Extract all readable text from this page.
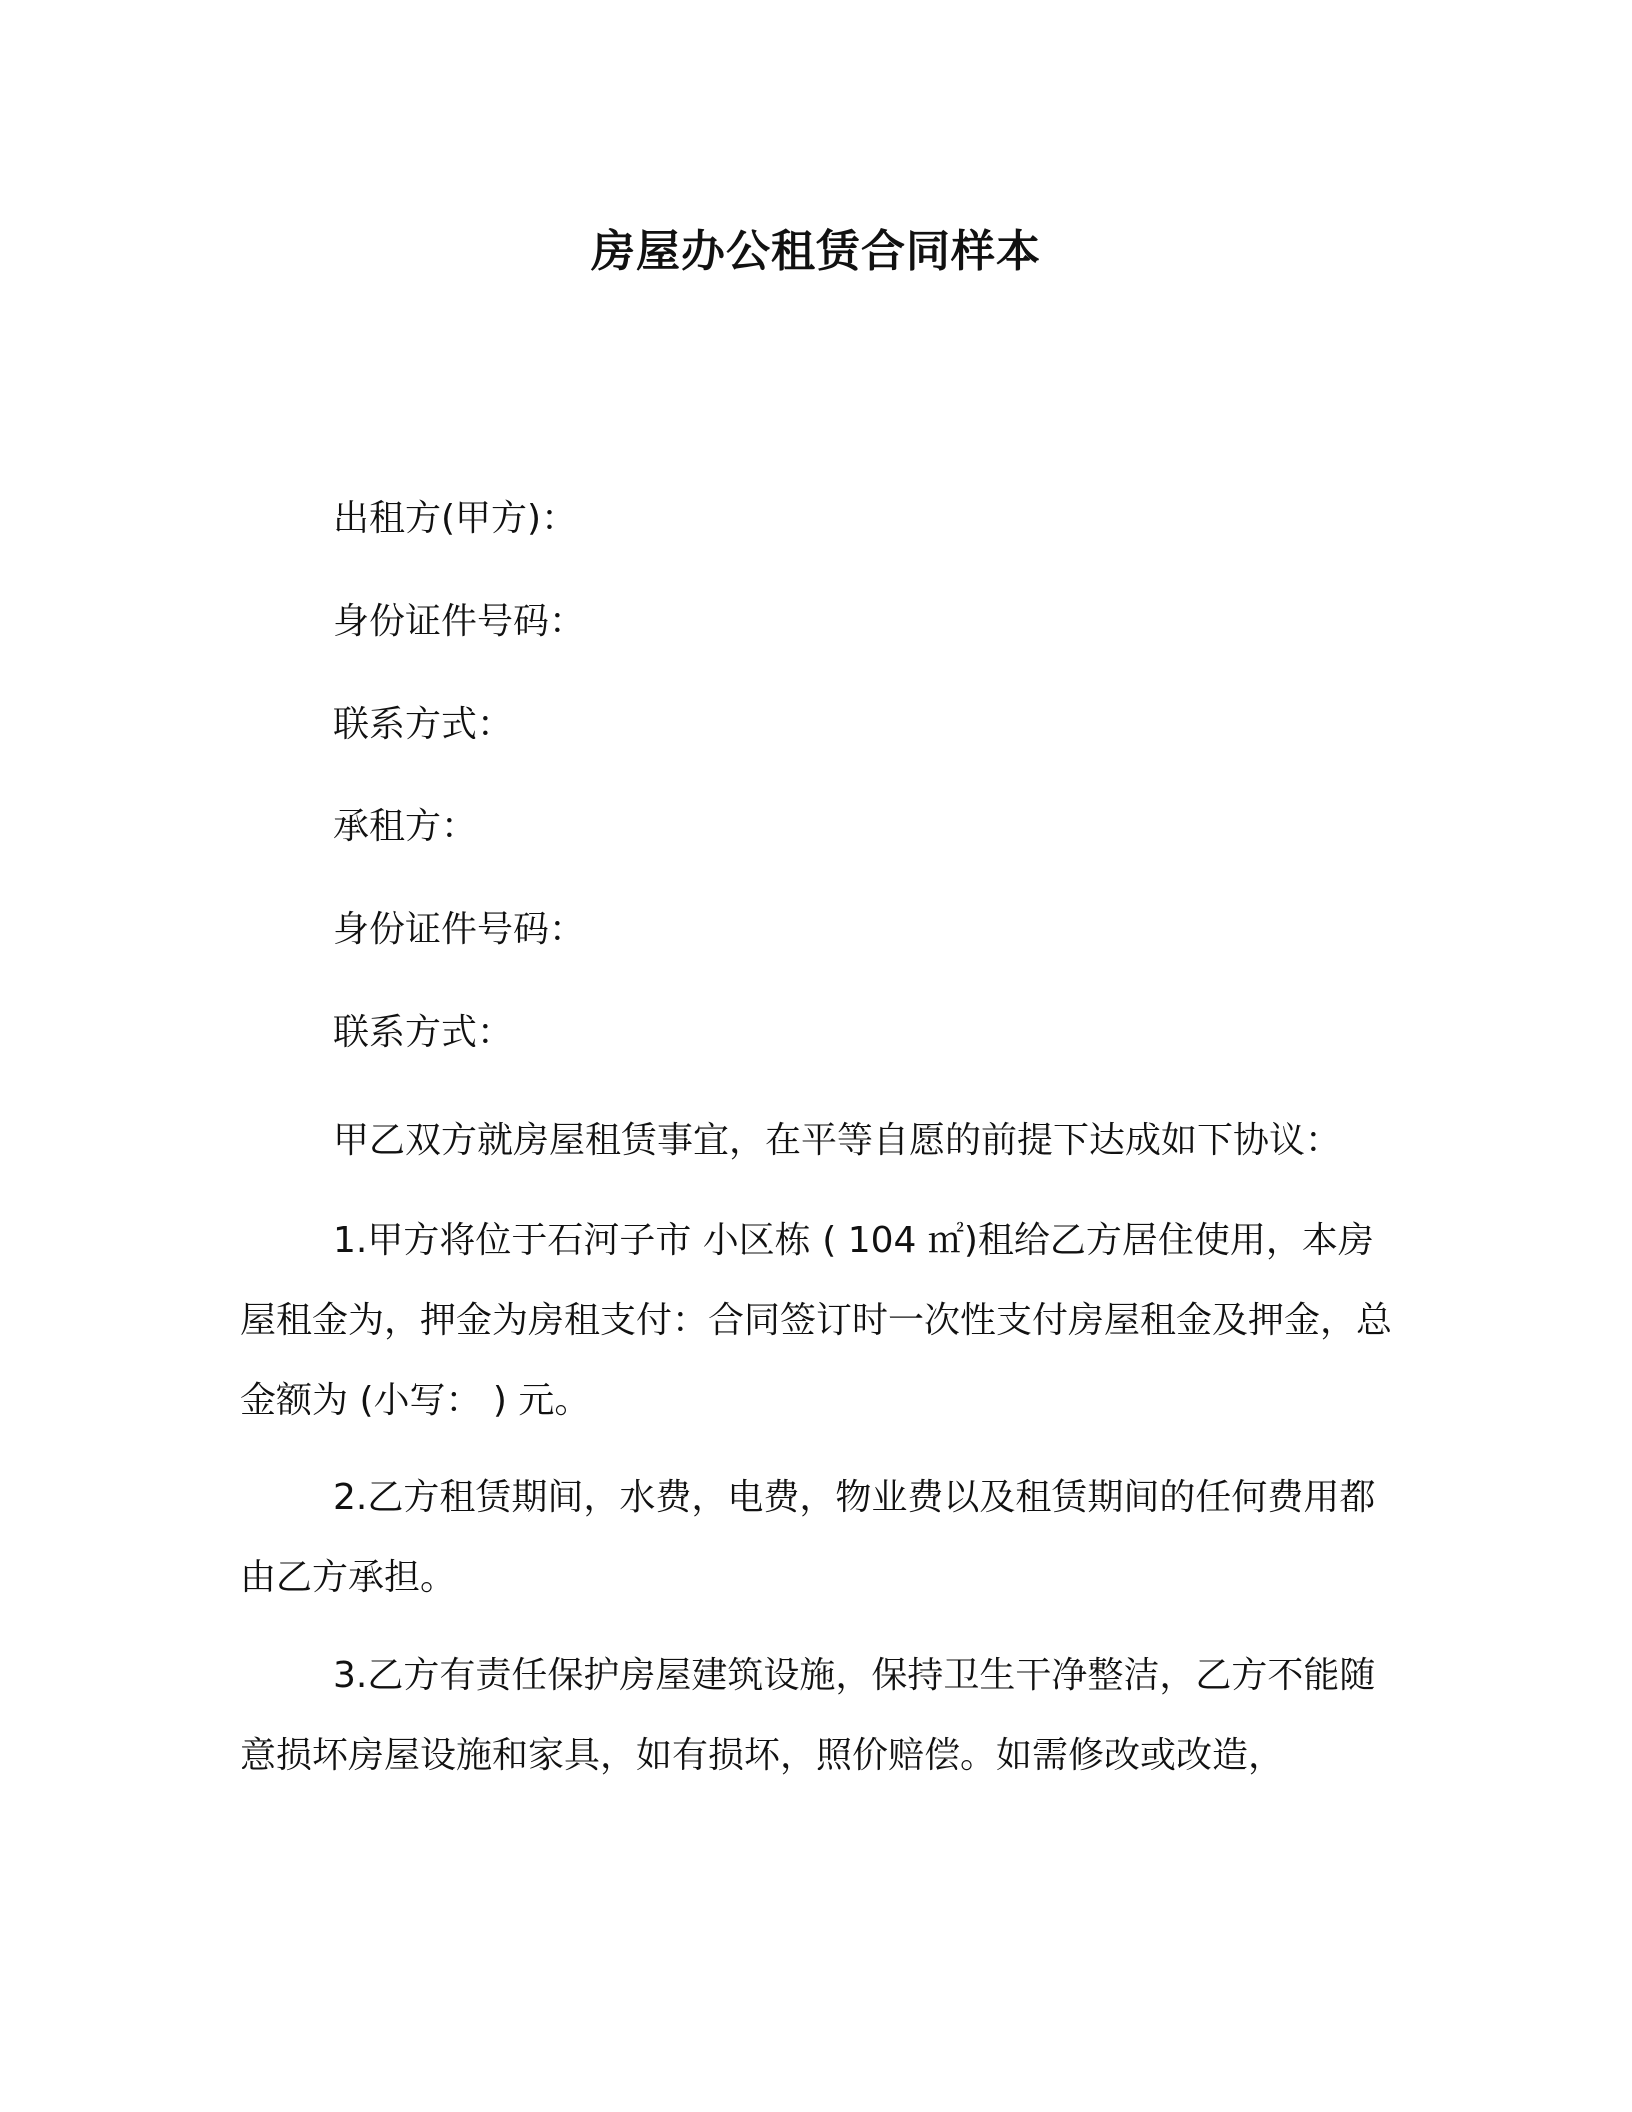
房屋办公租赁合同样本
出租方(甲方)：
身份证件号码：
联系方式：
承租方：
身份证件号码：
联系方式：
甲乙双方就房屋租赁事宜，在平等自愿的前提下达成如下协议：

1.甲方将位于石河子市 小区栋 ( 104 ㎡)租给乙方居住使用，本房屋租金为，押金为房租支付：合同签订时一次性支付房屋租金及押金，总金额为 (小写： ) 元。

2.乙方租赁期间，水费，电费，物业费以及租赁期间的任何费用都由乙方承担。

3.乙方有责任保护房屋建筑设施，保持卫生干净整洁，乙方不能随意损坏房屋设施和家具，如有损坏，照价赔偿。如需修改或改造，
